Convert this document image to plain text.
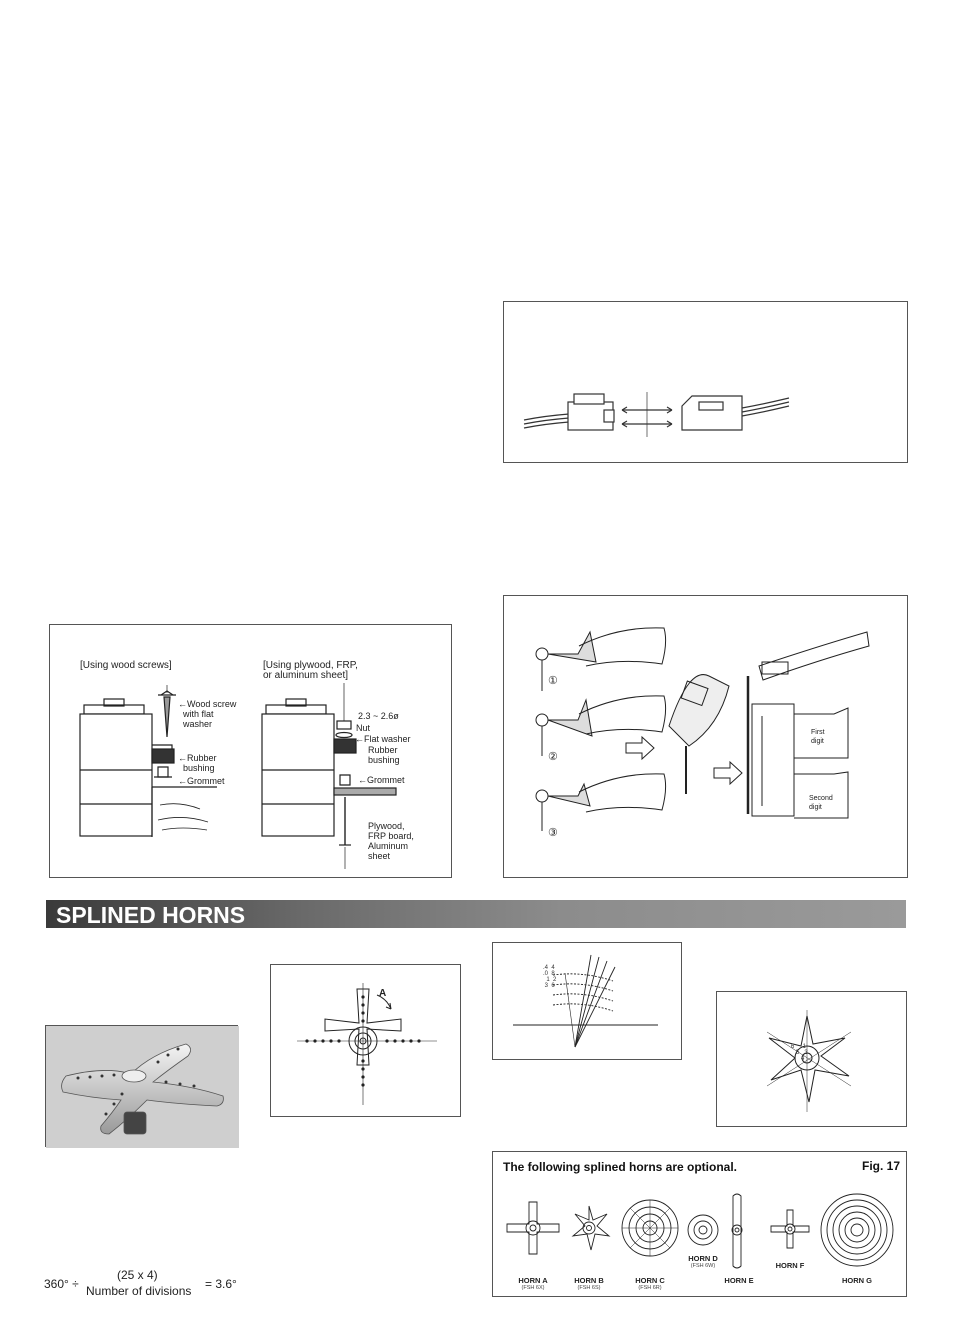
[Using wood screws]	[Using plywood, FRP,
or aluminum sheet]
←Wood screw
with flat
washer
←Rubber
bushing
←Grommet
2.3 ~ 2.6ø
Nut
←Flat washer
Rubber
bushing
←Grommet
Plywood,
FRP board,
Aluminum
sheet
①
②
③
First
digit
Second
digit
SPLINED HORNS
A
.4  4
.0  8
1  2
3  6
6     1
5   3
4
The following splined horns are optional.	Fig. 17
HORN A
(FSH 6X)
HORN B
(FSH 6S)
HORN C
(FSH 6R)
HORN D
(FSH 6W)
HORN E
HORN F
HORN G
360° ÷
(25 x 4)
Number of divisions = 3.6°
